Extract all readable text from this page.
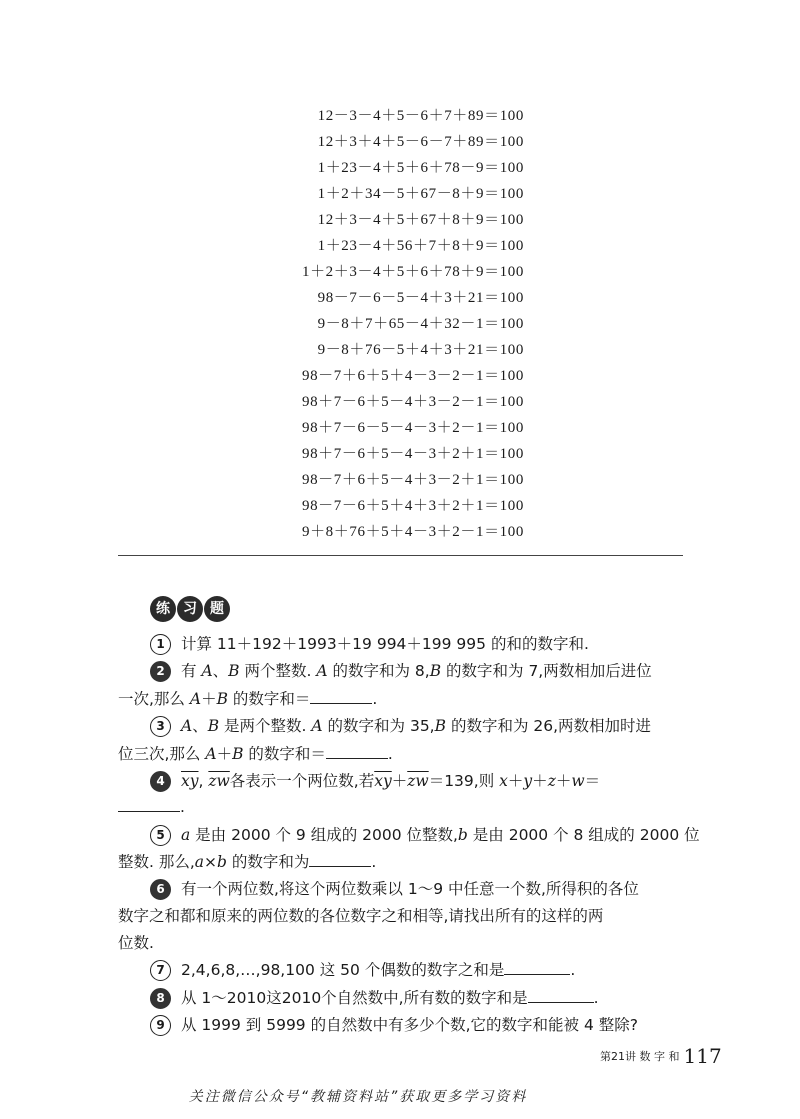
12－3－4＋5－6＋7＋89＝100
12＋3＋4＋5－6－7＋89＝100
1＋23－4＋5＋6＋78－9＝100
1＋2＋34－5＋67－8＋9＝100
12＋3－4＋5＋67＋8＋9＝100
1＋23－4＋56＋7＋8＋9＝100
1＋2＋3－4＋5＋6＋78＋9＝100
98－7－6－5－4＋3＋21＝100
9－8＋7＋65－4＋32－1＝100
9－8＋76－5＋4＋3＋21＝100
98－7＋6＋5＋4－3－2－1＝100
98＋7－6＋5－4＋3－2－1＝100
98＋7－6－5－4－3＋2－1＝100
98＋7－6＋5－4－3＋2＋1＝100
98－7＋6＋5－4＋3－2＋1＝100
98－7－6＋5＋4＋3＋2＋1＝100
9＋8＋76＋5＋4－3＋2－1＝100
练 习 题
1 计算 11＋192＋1993＋19 994＋199 995 的和的数字和.
2 有 A、B 两个整数. A 的数字和为 8,B 的数字和为 7,两数相加后进位
一次,那么 A＋B 的数字和＝	.
3 A、B 是两个整数. A 的数字和为 35,B 的数字和为 26,两数相加时进
位三次,那么 A＋B 的数字和＝	.
4 $\overline{xy}$, $\overline{zw}$各表示一个两位数,若$\overline{xy}+\overline{zw}=139$,则 x＋y＋z＋w＝
.
5 a 是由 2000 个 9 组成的 2000 位整数,b 是由 2000 个 8 组成的 2000 位
整数. 那么,a×b 的数字和为	.
6 有一个两位数,将这个两位数乘以 1～9 中任意一个数,所得积的各位
数字之和都和原来的两位数的各位数字之和相等,请找出所有的这样的两
位数.
7 2,4,6,8,…,98,100 这 50 个偶数的数字之和是	.
8 从 1～2010这2010个自然数中,所有数的数字和是	.
9 从 1999 到 5999 的自然数中有多少个数,它的数字和能被 4 整除?
第21讲 数 字 和 117
关注微信公众号“教辅资料站”获取更多学习资料
